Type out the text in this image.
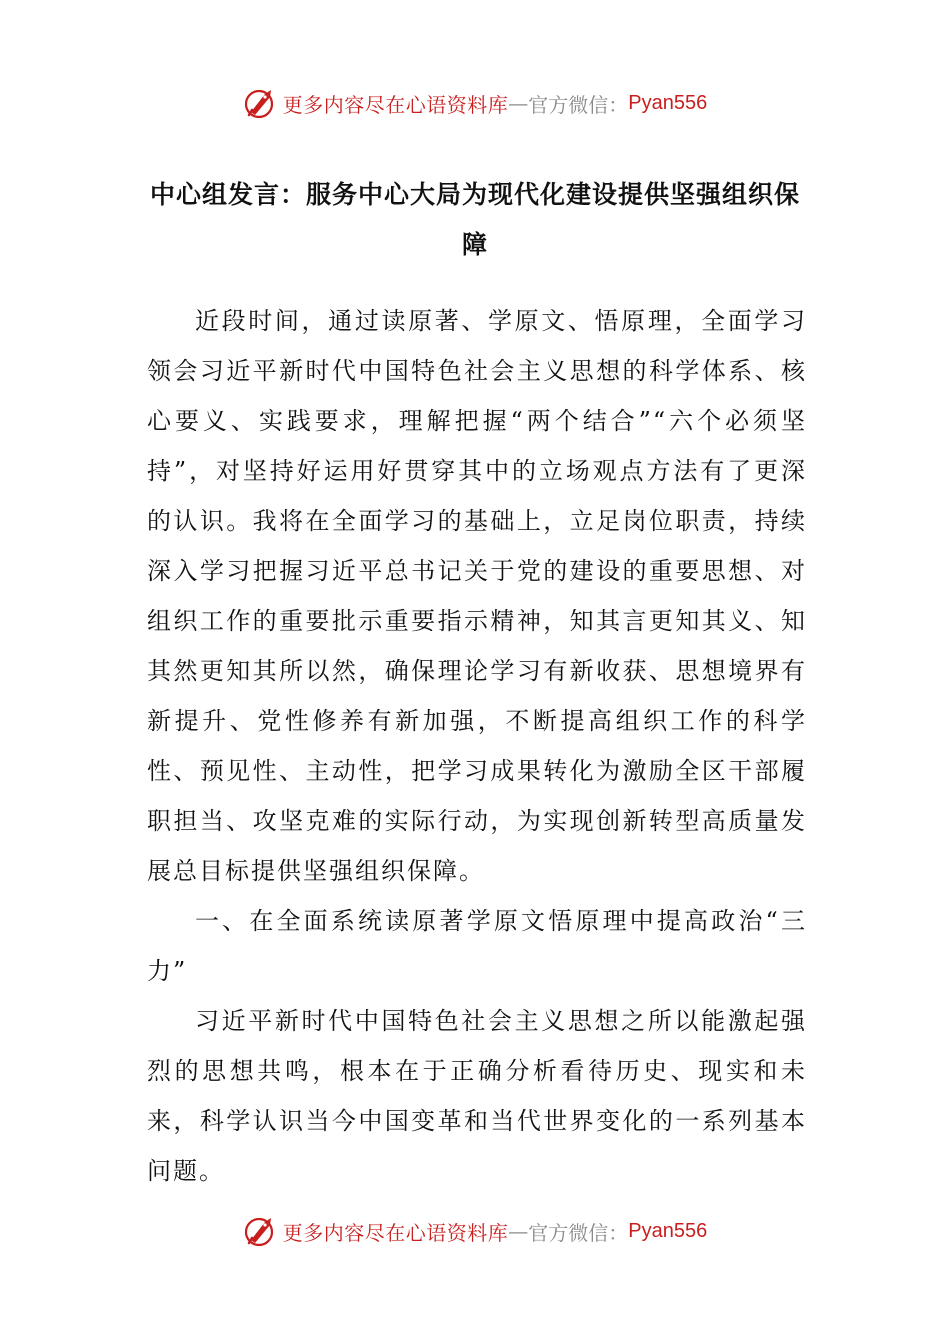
更多内容尽在心语资料库 — 官方微信： Pyan556
中心组发言：服务中心大局为现代化建设提供坚强组织保障

近段时间，通过读原著、学原文、悟原理，全面学习领会习近平新时代中国特色社会主义思想的科学体系、核心要义、实践要求，理解把握“两个结合”“六个必须坚持”，对坚持好运用好贯穿其中的立场观点方法有了更深的认识。我将在全面学习的基础上，立足岗位职责，持续深入学习把握习近平总书记关于党的建设的重要思想、对组织工作的重要批示重要指示精神，知其言更知其义、知其然更知其所以然，确保理论学习有新收获、思想境界有新提升、党性修养有新加强，不断提高组织工作的科学性、预见性、主动性，把学习成果转化为激励全区干部履职担当、攻坚克难的实际行动，为实现创新转型高质量发展总目标提供坚强组织保障。

一、在全面系统读原著学原文悟原理中提高政治“三力”

习近平新时代中国特色社会主义思想之所以能激起强烈的思想共鸣，根本在于正确分析看待历史、现实和未来，科学认识当今中国变革和当代世界变化的一系列基本问题。

更多内容尽在心语资料库 — 官方微信： Pyan556
